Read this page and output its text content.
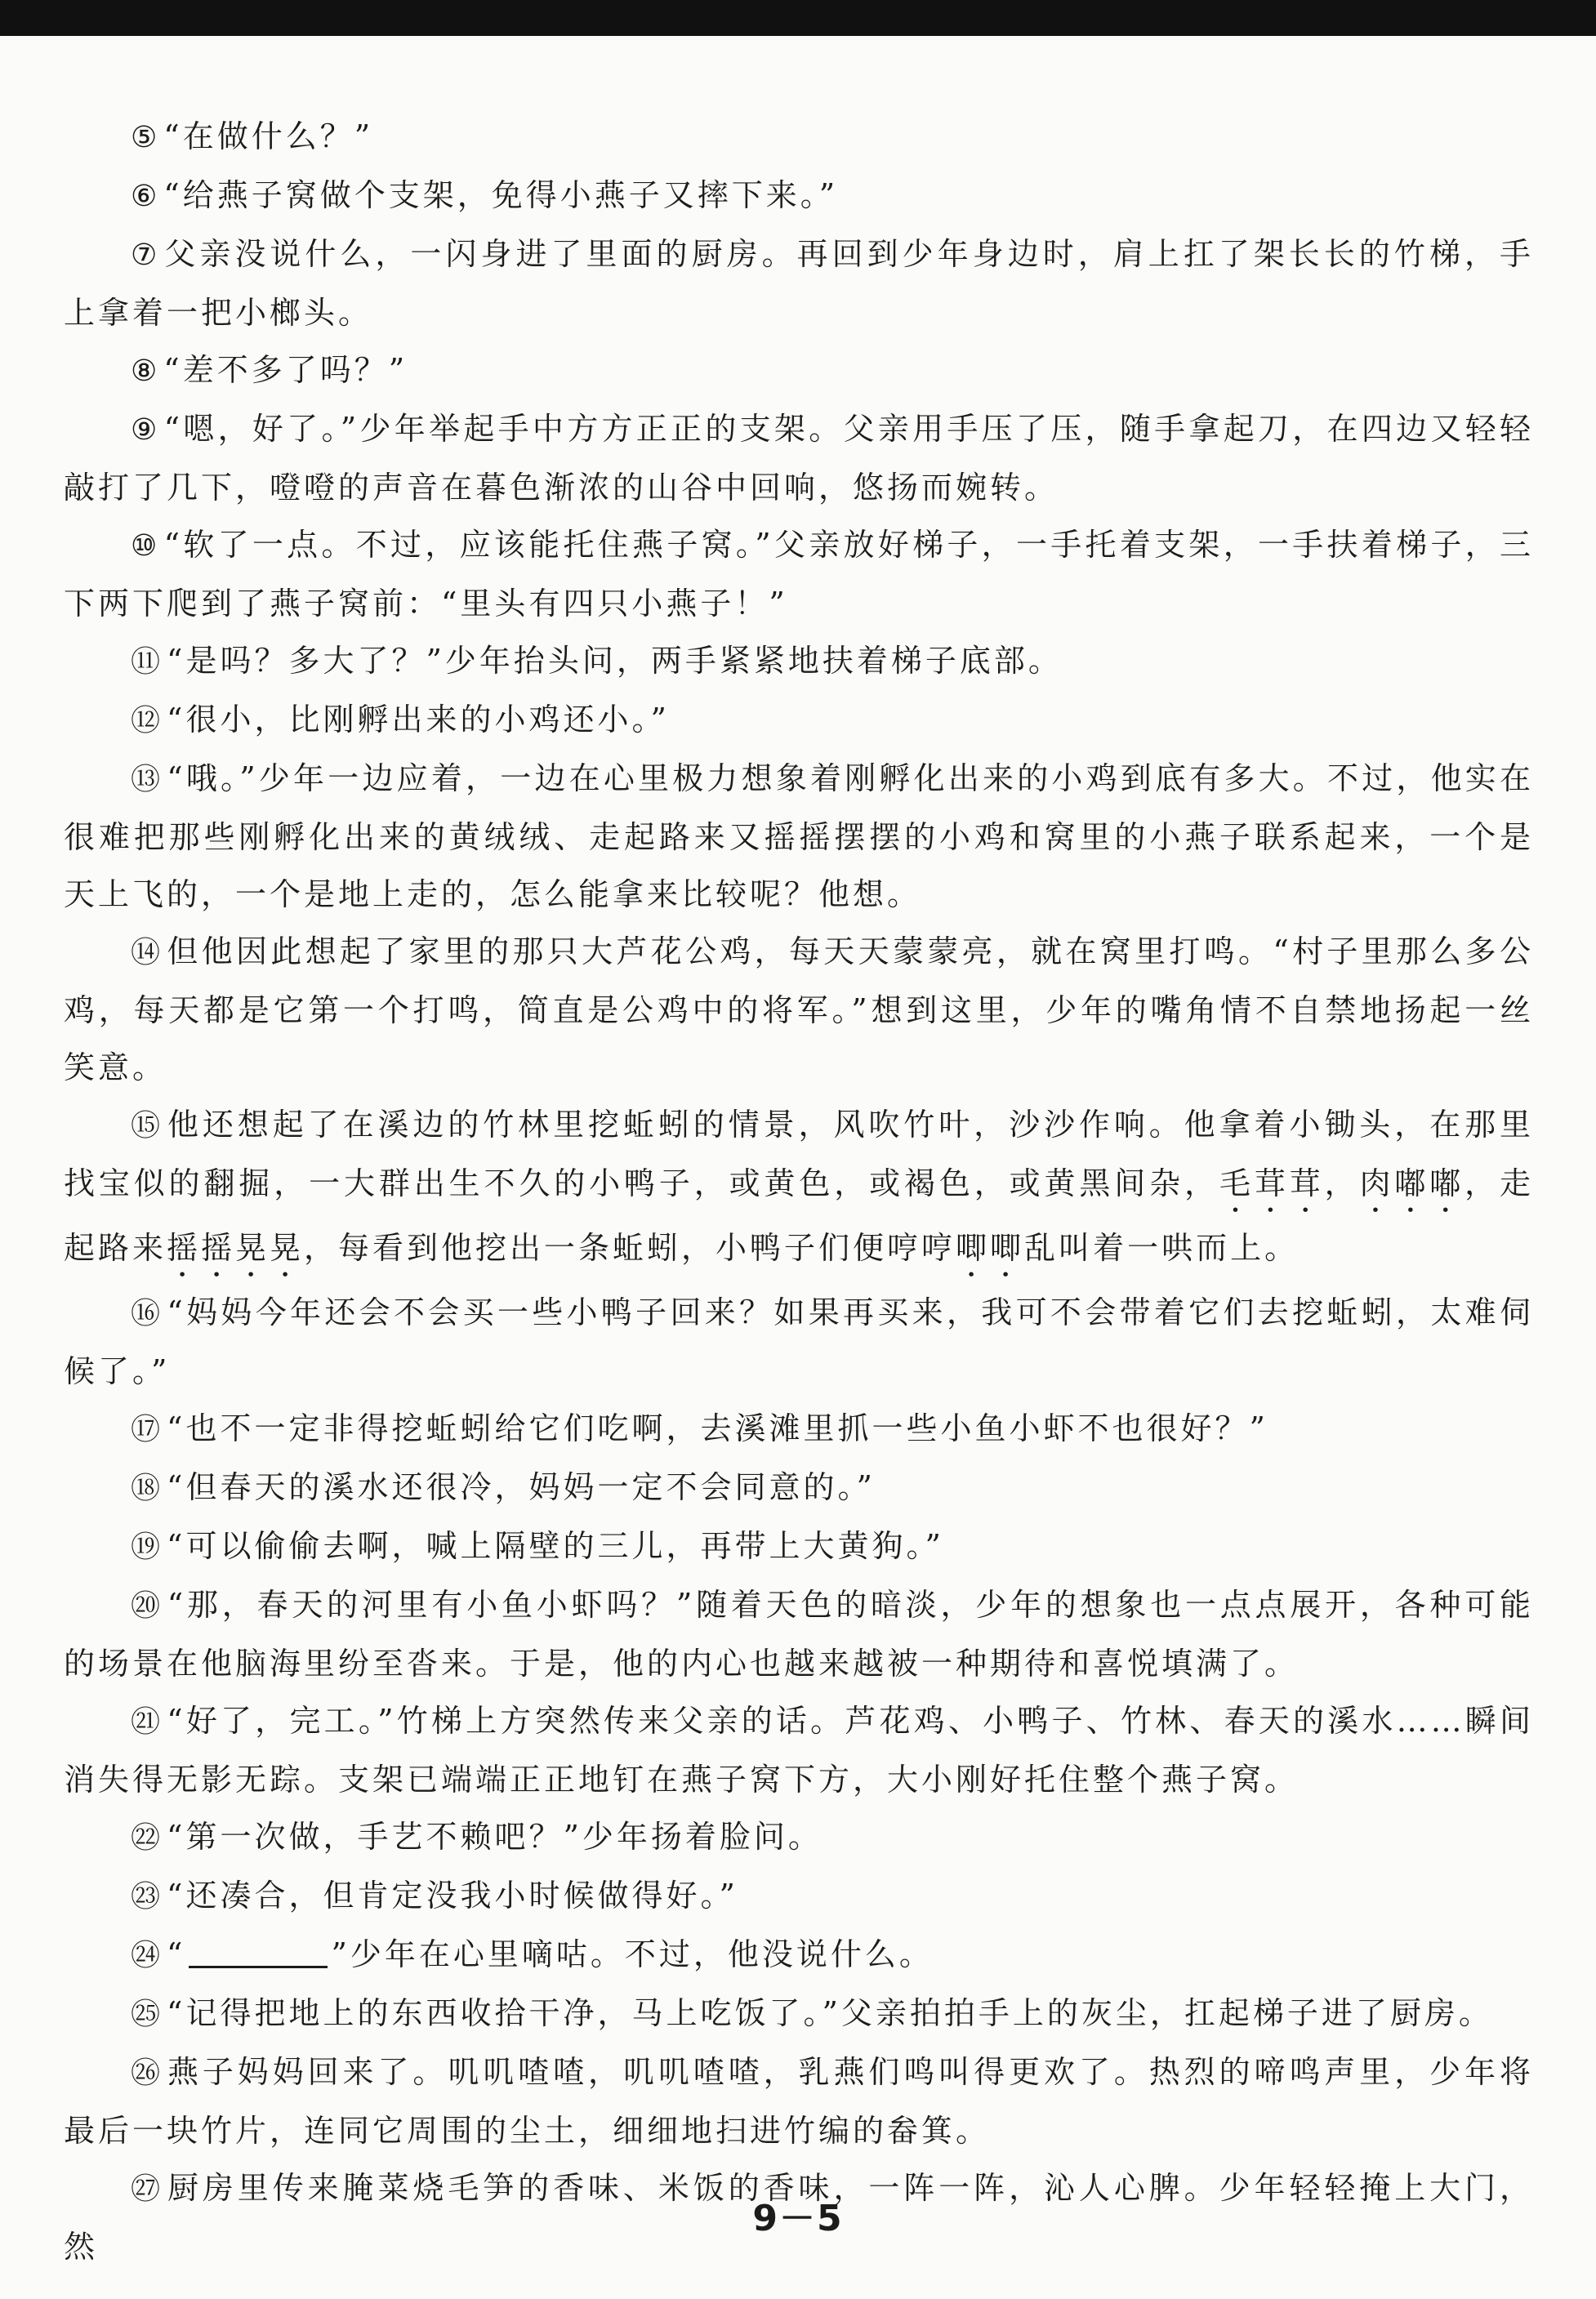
⑤ “在做什么？”

⑥ “给燕子窝做个支架，免得小燕子又摔下来。”

⑦ 父亲没说什么，一闪身进了里面的厨房。再回到少年身边时，肩上扛了架长长的竹梯，手上拿着一把小榔头。

⑧ “差不多了吗？”

⑨ “嗯，好了。”少年举起手中方方正正的支架。父亲用手压了压，随手拿起刀，在四边又轻轻敲打了几下，噔噔的声音在暮色渐浓的山谷中回响，悠扬而婉转。

⑩ “软了一点。不过，应该能托住燕子窝。”父亲放好梯子，一手托着支架，一手扶着梯子，三下两下爬到了燕子窝前：“里头有四只小燕子！”

⑪ “是吗？多大了？”少年抬头问，两手紧紧地扶着梯子底部。

⑫ “很小，比刚孵出来的小鸡还小。”

⑬ “哦。”少年一边应着，一边在心里极力想象着刚孵化出来的小鸡到底有多大。不过，他实在很难把那些刚孵化出来的黄绒绒、走起路来又摇摇摆摆的小鸡和窝里的小燕子联系起来，一个是天上飞的，一个是地上走的，怎么能拿来比较呢？他想。

⑭ 但他因此想起了家里的那只大芦花公鸡，每天天蒙蒙亮，就在窝里打鸣。“村子里那么多公鸡，每天都是它第一个打鸣，简直是公鸡中的将军。”想到这里，少年的嘴角情不自禁地扬起一丝笑意。

⑮ 他还想起了在溪边的竹林里挖蚯蚓的情景，风吹竹叶，沙沙作响。他拿着小锄头，在那里找宝似的翻掘，一大群出生不久的小鸭子，或黄色，或褐色，或黄黑间杂，毛茸茸，肉嘟嘟，走起路来摇摇晃晃，每看到他挖出一条蚯蚓，小鸭子们便哼哼唧唧乱叫着一哄而上。

⑯ “妈妈今年还会不会买一些小鸭子回来？如果再买来，我可不会带着它们去挖蚯蚓，太难伺候了。”

⑰ “也不一定非得挖蚯蚓给它们吃啊，去溪滩里抓一些小鱼小虾不也很好？”

⑱ “但春天的溪水还很冷，妈妈一定不会同意的。”

⑲ “可以偷偷去啊，喊上隔壁的三儿，再带上大黄狗。”

⑳ “那，春天的河里有小鱼小虾吗？”随着天色的暗淡，少年的想象也一点点展开，各种可能的场景在他脑海里纷至沓来。于是，他的内心也越来越被一种期待和喜悦填满了。

㉑ “好了，完工。”竹梯上方突然传来父亲的话。芦花鸡、小鸭子、竹林、春天的溪水……瞬间消失得无影无踪。支架已端端正正地钉在燕子窝下方，大小刚好托住整个燕子窝。

㉒ “第一次做，手艺不赖吧？”少年扬着脸问。

㉓ “还凑合，但肯定没我小时候做得好。”

㉔ “	”少年在心里嘀咕。不过，他没说什么。

㉕ “记得把地上的东西收拾干净，马上吃饭了。”父亲拍拍手上的灰尘，扛起梯子进了厨房。

㉖ 燕子妈妈回来了。叽叽喳喳，叽叽喳喳，乳燕们鸣叫得更欢了。热烈的啼鸣声里，少年将最后一块竹片，连同它周围的尘土，细细地扫进竹编的畚箕。

㉗ 厨房里传来腌菜烧毛笋的香味、米饭的香味，一阵一阵，沁人心脾。少年轻轻掩上大门，然

9－5
